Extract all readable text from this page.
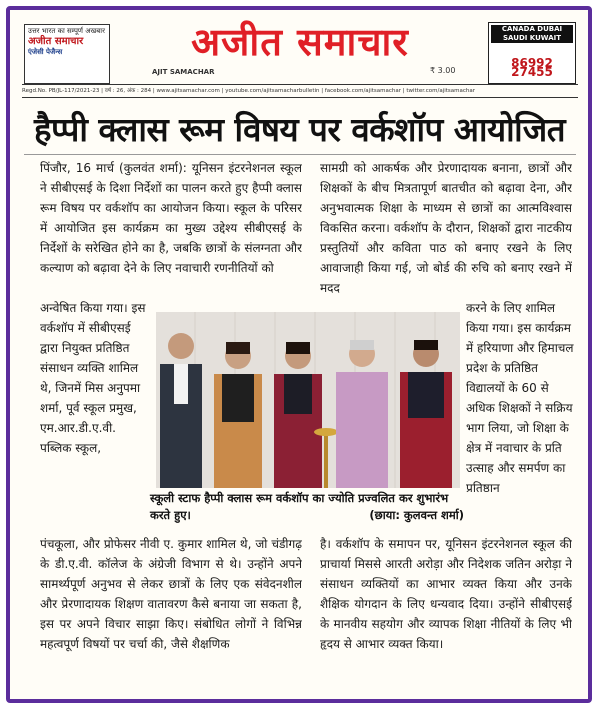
उत्तर भारत का सम्पूर्ण अखबार
अजीत समाचार
एंजेसी पेजैन्स	अजीत समाचार
AJIT SAMACHAR	₹ 3.00
CANADA DUBAI SAUDI KUWAIT
86992 27455
Regd.No. PB/JL-117/2021-23 | वर्ष : 26, अंक : 284 | www.ajitsamachar.com | youtube.com/ajitsamacharbulletin | facebook.com/ajitsamachar | twitter.com/ajitsamachar
हैप्पी क्लास रूम विषय पर वर्कशॉप आयोजित
पिंजौर, 16 मार्च (कुलवंत शर्मा): यूनिसन इंटरनेशनल स्कूल ने सीबीएसई के दिशा निर्देशों का पालन करते हुए हैप्पी क्लास रूम विषय पर वर्कशॉप का आयोजन किया। स्कूल के परिसर में आयोजित इस कार्यक्रम का मुख्य उद्देश्य सीबीएसई के निर्देशों के सरेखित होने का है, जबकि छात्रों के संलग्नता और कल्याण को बढ़ावा देने के लिए नवाचारी रणनीतियों को
सामग्री को आकर्षक और प्रेरणादायक बनाना, छात्रों और शिक्षकों के बीच मित्रतापूर्ण बातचीत को बढ़ावा देना, और अनुभवात्मक शिक्षा के माध्यम से छात्रों का आत्मविश्वास विकसित करना। वर्कशॉप के दौरान, शिक्षकों द्वारा नाटकीय प्रस्तुतियों और कविता पाठ को बनाए रखने के लिए आवाजाही किया गई, जो बोर्ड की रुचि को बनाए रखने में मदद
अन्वेषित किया गया। इस वर्कशॉप में सीबीएसई द्वारा नियुक्त प्रतिष्ठित संसाधन व्यक्ति शामिल थे, जिनमें मिस अनुपमा शर्मा, पूर्व स्कूल प्रमुख, एम.आर.डी.ए.वी. पब्लिक स्कूल,
करने के लिए शामिल किया गया। इस कार्यक्रम में हरियाणा और हिमाचल प्रदेश के प्रतिष्ठित विद्यालयों के 60 से अधिक शिक्षकों ने सक्रिय भाग लिया, जो शिक्षा के क्षेत्र में नवाचार के प्रति उत्साह और समर्पण का प्रतिष्ठान
स्कूली स्टाफ हैप्पी क्लास रूम वर्कशॉप का ज्योति प्रज्वलित कर शुभारंभ करते हुए।	(छाया: कुलवन्त शर्मा)
पंचकूला, और प्रोफेसर नीवी ए. कुमार शामिल थे, जो चंडीगढ़ के डी.ए.वी. कॉलेज के अंग्रेजी विभाग से थे। उन्होंने अपने सामर्थ्यपूर्ण अनुभव से लेकर छात्रों के लिए एक संवेदनशील और प्रेरणादायक शिक्षण वातावरण कैसे बनाया जा सकता है, इस पर अपने विचार साझा किए। संबोधित लोगों ने विभिन्न महत्वपूर्ण विषयों पर चर्चा की, जैसे शैक्षणिक
है। वर्कशॉप के समापन पर, यूनिसन इंटरनेशनल स्कूल की प्राचार्या मिससे आरती अरोड़ा और निदेशक जतिन अरोड़ा ने संसाधन व्यक्तियों का आभार व्यक्त किया और उनके शैक्षिक योगदान के लिए धन्यवाद दिया। उन्होंने सीबीएसई के मानवीय सहयोग और व्यापक शिक्षा नीतियों के लिए भी हृदय से आभार व्यक्त किया।
